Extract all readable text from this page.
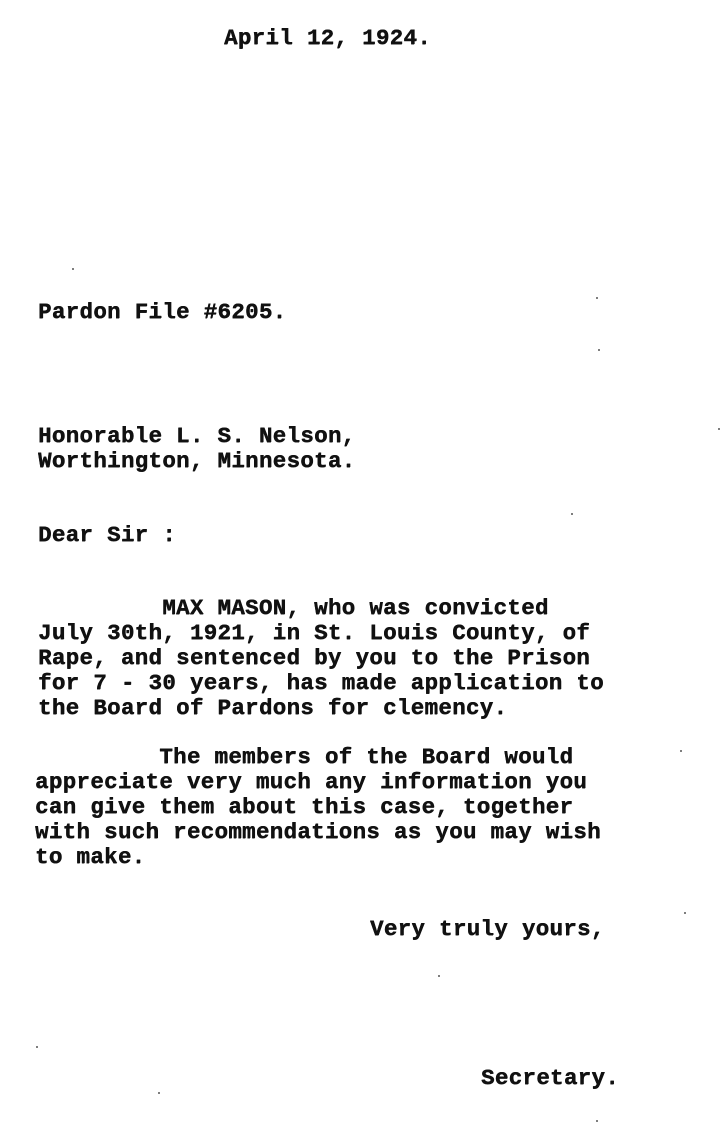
April 12, 1924.
Pardon File #6205.
Honorable L. S. Nelson,
Worthington, Minnesota.
Dear Sir :
MAX MASON, who was convicted
July 30th, 1921, in St. Louis County, of
Rape, and sentenced by you to the Prison
for 7 - 30 years, has made application to
the Board of Pardons for clemency.
The members of the Board would
appreciate very much any information you
can give them about this case, together
with such recommendations as you may wish
to make.
Very truly yours,
Secretary.
